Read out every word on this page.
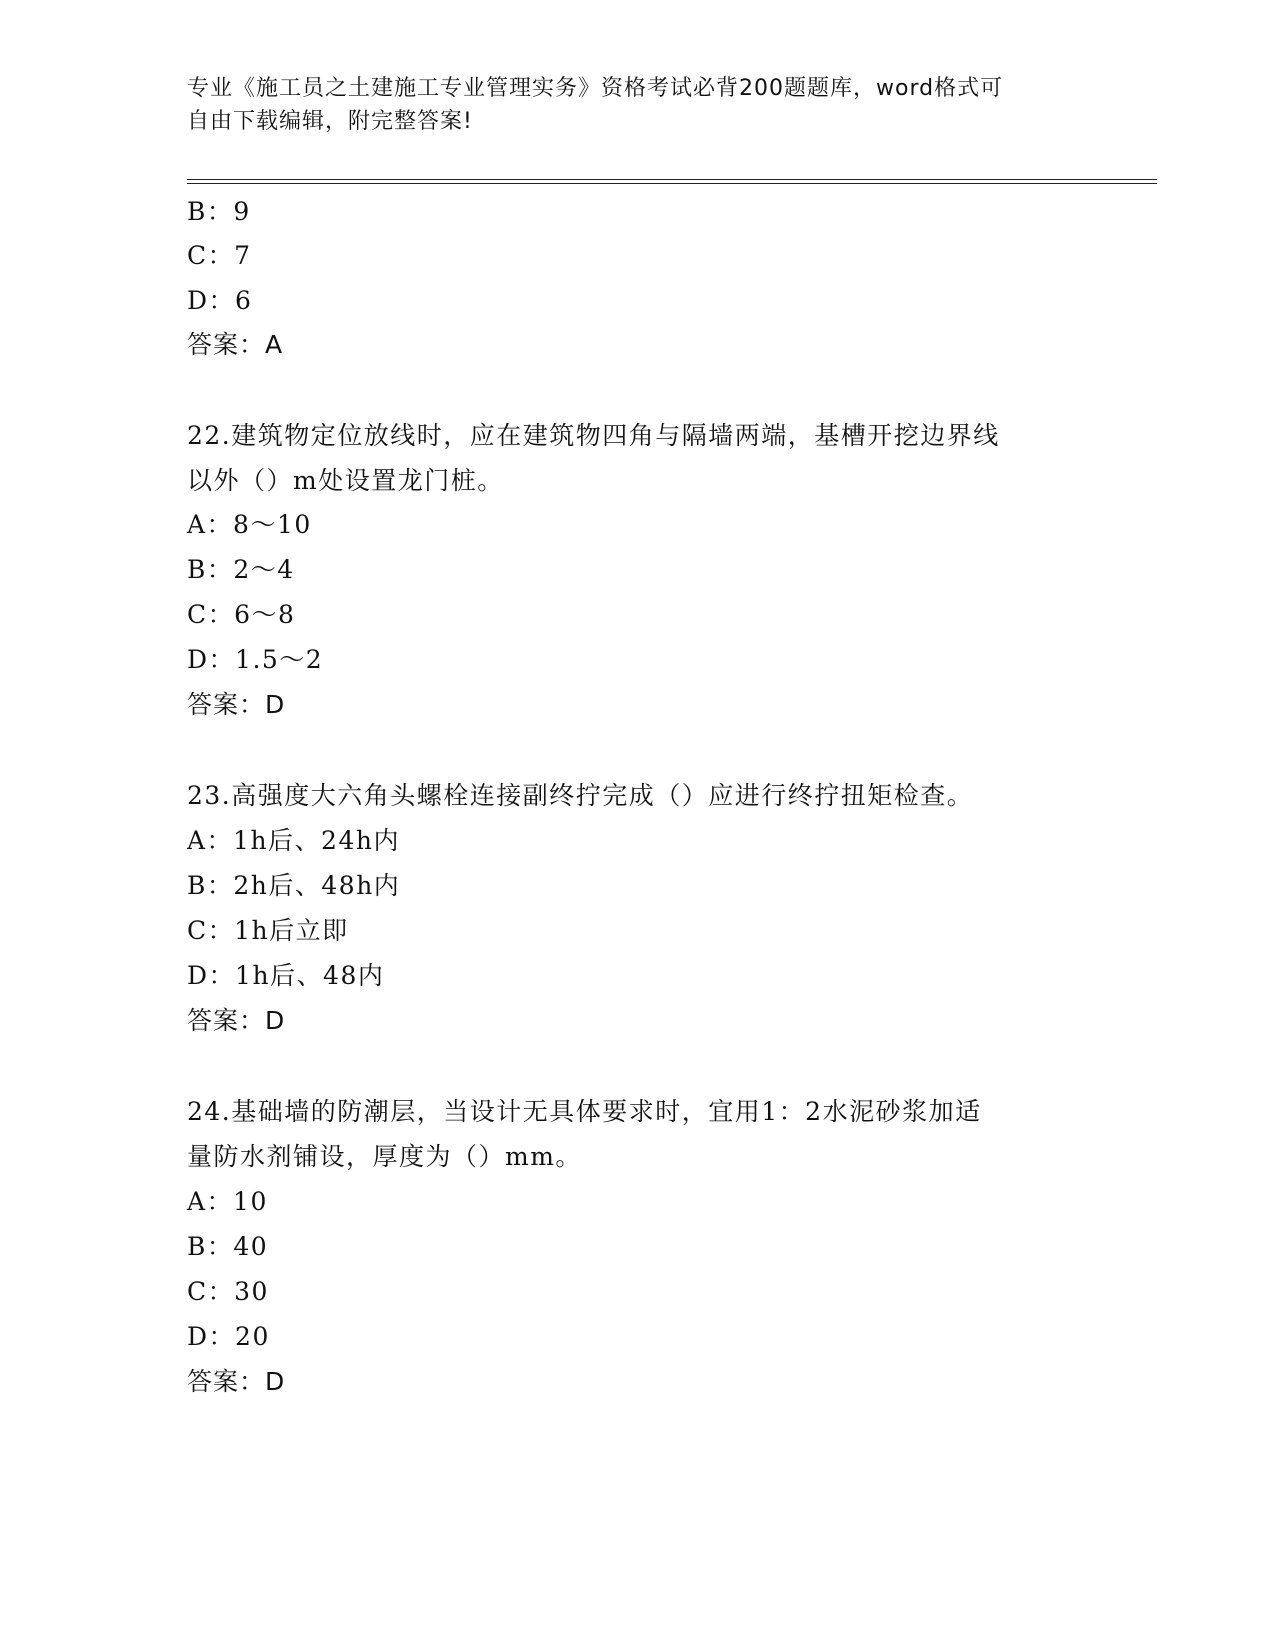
专业《施工员之土建施工专业管理实务》资格考试必背200题题库，word格式可
自由下载编辑，附完整答案!
B：9
C：7
D：6
答案：A
22.建筑物定位放线时，应在建筑物四角与隔墙两端，基槽开挖边界线
以外（）m处设置龙门桩。
A：8～10
B：2～4
C：6～8
D：1.5～2
答案：D
23.高强度大六角头螺栓连接副终拧完成（）应进行终拧扭矩检查。
A：1h后、24h内
B：2h后、48h内
C：1h后立即
D：1h后、48内
答案：D
24.基础墙的防潮层，当设计无具体要求时，宜用1：2水泥砂浆加适
量防水剂铺设，厚度为（）mm。
A：10
B：40
C：30
D：20
答案：D
